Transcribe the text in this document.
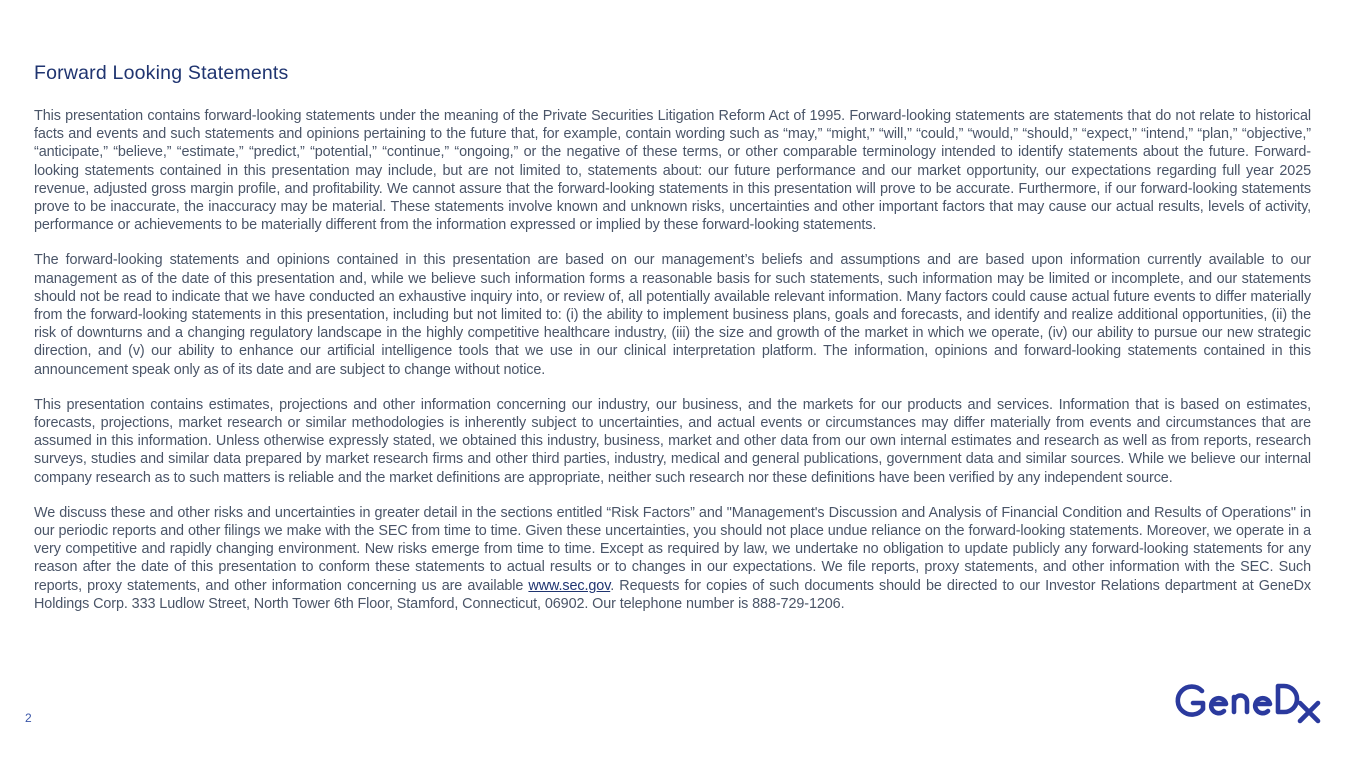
Forward Looking Statements

This presentation contains forward-looking statements under the meaning of the Private Securities Litigation Reform Act of 1995. Forward-looking statements are statements that do not relate to historical facts and events and such statements and opinions pertaining to the future that, for example, contain wording such as “may,” “might,” “will,” “could,” “would,” “should,” “expect,” “intend,” “plan,” “objective,” “anticipate,” “believe,” “estimate,” “predict,” “potential,” “continue,” “ongoing,” or the negative of these terms, or other comparable terminology intended to identify statements about the future. Forward-looking statements contained in this presentation may include, but are not limited to, statements about: our future performance and our market opportunity, our expectations regarding full year 2025 revenue, adjusted gross margin profile, and profitability. We cannot assure that the forward-looking statements in this presentation will prove to be accurate. Furthermore, if our forward-looking statements prove to be inaccurate, the inaccuracy may be material. These statements involve known and unknown risks, uncertainties and other important factors that may cause our actual results, levels of activity, performance or achievements to be materially different from the information expressed or implied by these forward-looking statements.

The forward-looking statements and opinions contained in this presentation are based on our management’s beliefs and assumptions and are based upon information currently available to our management as of the date of this presentation and, while we believe such information forms a reasonable basis for such statements, such information may be limited or incomplete, and our statements should not be read to indicate that we have conducted an exhaustive inquiry into, or review of, all potentially available relevant information. Many factors could cause actual future events to differ materially from the forward-looking statements in this presentation, including but not limited to: (i) the ability to implement business plans, goals and forecasts, and identify and realize additional opportunities, (ii) the risk of downturns and a changing regulatory landscape in the highly competitive healthcare industry, (iii) the size and growth of the market in which we operate, (iv) our ability to pursue our new strategic direction, and (v) our ability to enhance our artificial intelligence tools that we use in our clinical interpretation platform. The information, opinions and forward-looking statements contained in this announcement speak only as of its date and are subject to change without notice.

This presentation contains estimates, projections and other information concerning our industry, our business, and the markets for our products and services. Information that is based on estimates, forecasts, projections, market research or similar methodologies is inherently subject to uncertainties, and actual events or circumstances may differ materially from events and circumstances that are assumed in this information. Unless otherwise expressly stated, we obtained this industry, business, market and other data from our own internal estimates and research as well as from reports, research surveys, studies and similar data prepared by market research firms and other third parties, industry, medical and general publications, government data and similar sources. While we believe our internal company research as to such matters is reliable and the market definitions are appropriate, neither such research nor these definitions have been verified by any independent source.

We discuss these and other risks and uncertainties in greater detail in the sections entitled “Risk Factors” and "Management's Discussion and Analysis of Financial Condition and Results of Operations" in our periodic reports and other filings we make with the SEC from time to time. Given these uncertainties, you should not place undue reliance on the forward-looking statements. Moreover, we operate in a very competitive and rapidly changing environment. New risks emerge from time to time. Except as required by law, we undertake no obligation to update publicly any forward-looking statements for any reason after the date of this presentation to conform these statements to actual results or to changes in our expectations. We file reports, proxy statements, and other information with the SEC. Such reports, proxy statements, and other information concerning us are available www.sec.gov. Requests for copies of such documents should be directed to our Investor Relations department at GeneDx Holdings Corp. 333 Ludlow Street, North Tower 6th Floor, Stamford, Connecticut, 06902. Our telephone number is 888-729-1206.

2
